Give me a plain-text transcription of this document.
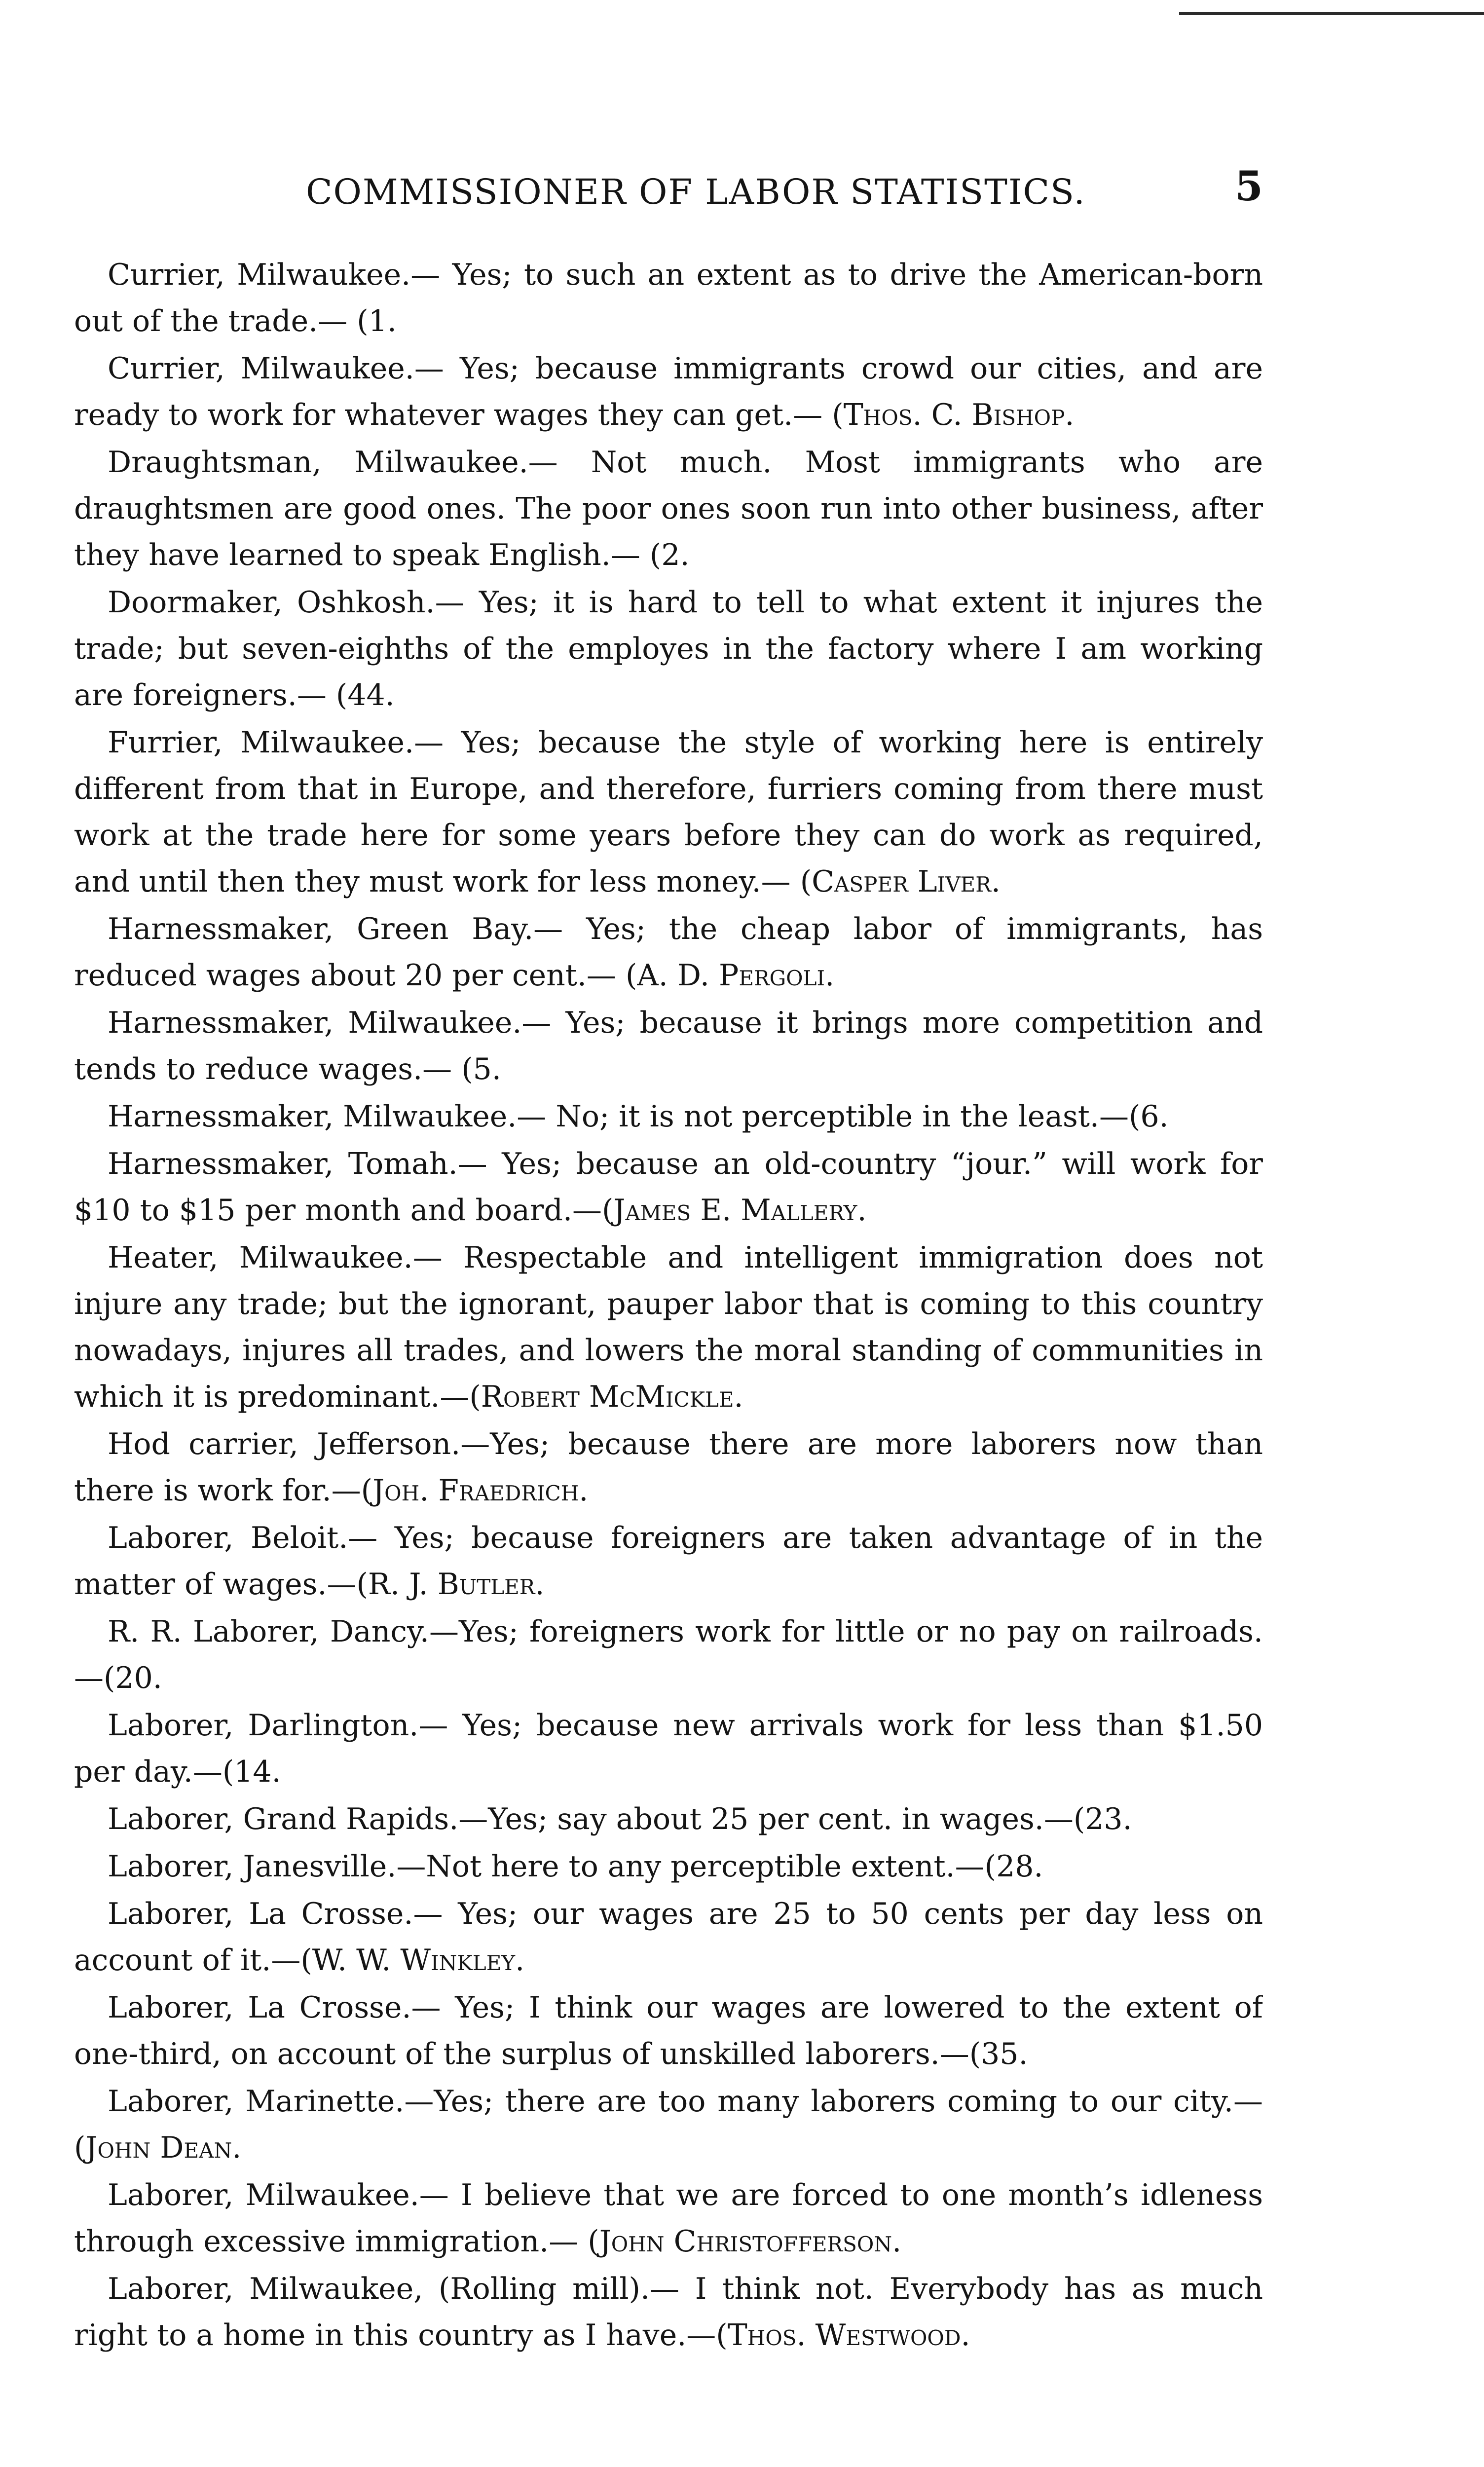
COMMISSIONER OF LABOR STATISTICS.	5

Currier, Milwaukee.— Yes; to such an extent as to drive the American-born out of the trade.— (1.

Currier, Milwaukee.— Yes; because immigrants crowd our cities, and are ready to work for whatever wages they can get.— (Thos. C. Bishop.

Draughtsman, Milwaukee.— Not much. Most immigrants who are draughtsmen are good ones. The poor ones soon run into other business, after they have learned to speak English.— (2.

Doormaker, Oshkosh.— Yes; it is hard to tell to what extent it injures the trade; but seven-eighths of the employes in the factory where I am working are foreigners.— (44.

Furrier, Milwaukee.— Yes; because the style of working here is entirely different from that in Europe, and therefore, furriers coming from there must work at the trade here for some years before they can do work as required, and until then they must work for less money.— (Casper Liver.

Harnessmaker, Green Bay.— Yes; the cheap labor of immigrants, has reduced wages about 20 per cent.— (A. D. Pergoli.

Harnessmaker, Milwaukee.— Yes; because it brings more competition and tends to reduce wages.— (5.

Harnessmaker, Milwaukee.— No; it is not perceptible in the least.—(6.

Harnessmaker, Tomah.— Yes; because an old-country “jour.” will work for $10 to $15 per month and board.—(James E. Mallery.

Heater, Milwaukee.— Respectable and intelligent immigration does not injure any trade; but the ignorant, pauper labor that is coming to this country nowadays, injures all trades, and lowers the moral standing of communities in which it is predominant.—(Robert McMickle.

Hod carrier, Jefferson.—Yes; because there are more laborers now than there is work for.—(Joh. Fraedrich.

Laborer, Beloit.— Yes; because foreigners are taken advantage of in the matter of wages.—(R. J. Butler.

R. R. Laborer, Dancy.—Yes; foreigners work for little or no pay on railroads.—(20.

Laborer, Darlington.— Yes; because new arrivals work for less than $1.50 per day.—(14.

Laborer, Grand Rapids.—Yes; say about 25 per cent. in wages.—(23.

Laborer, Janesville.—Not here to any perceptible extent.—(28.

Laborer, La Crosse.— Yes; our wages are 25 to 50 cents per day less on account of it.—(W. W. Winkley.

Laborer, La Crosse.— Yes; I think our wages are lowered to the extent of one-third, on account of the surplus of unskilled laborers.—(35.

Laborer, Marinette.—Yes; there are too many laborers coming to our city.—(John Dean.

Laborer, Milwaukee.— I believe that we are forced to one month’s idleness through excessive immigration.— (John Christofferson.

Laborer, Milwaukee, (Rolling mill).— I think not. Everybody has as much right to a home in this country as I have.—(Thos. Westwood.
